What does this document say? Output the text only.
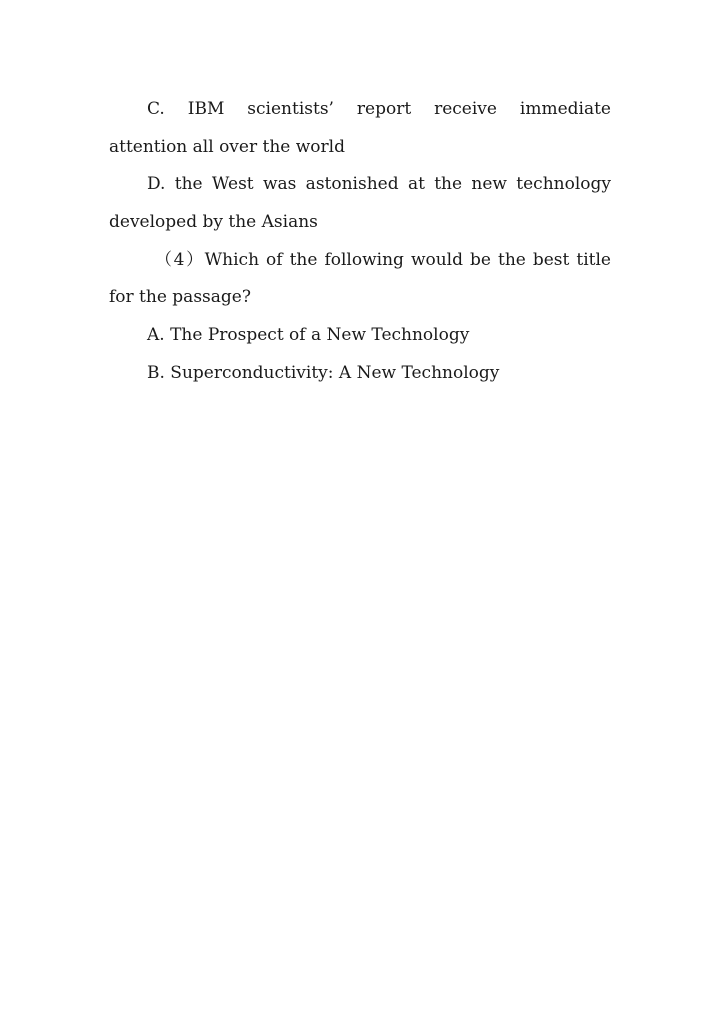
C. IBM scientists’ report receive immediate
attention all over the world
D. the West was astonished at the new technology
developed by the Asians
（4）Which of the following would be the best title
for the passage?
A. The Prospect of a New Technology
B. Superconductivity: A New Technology
